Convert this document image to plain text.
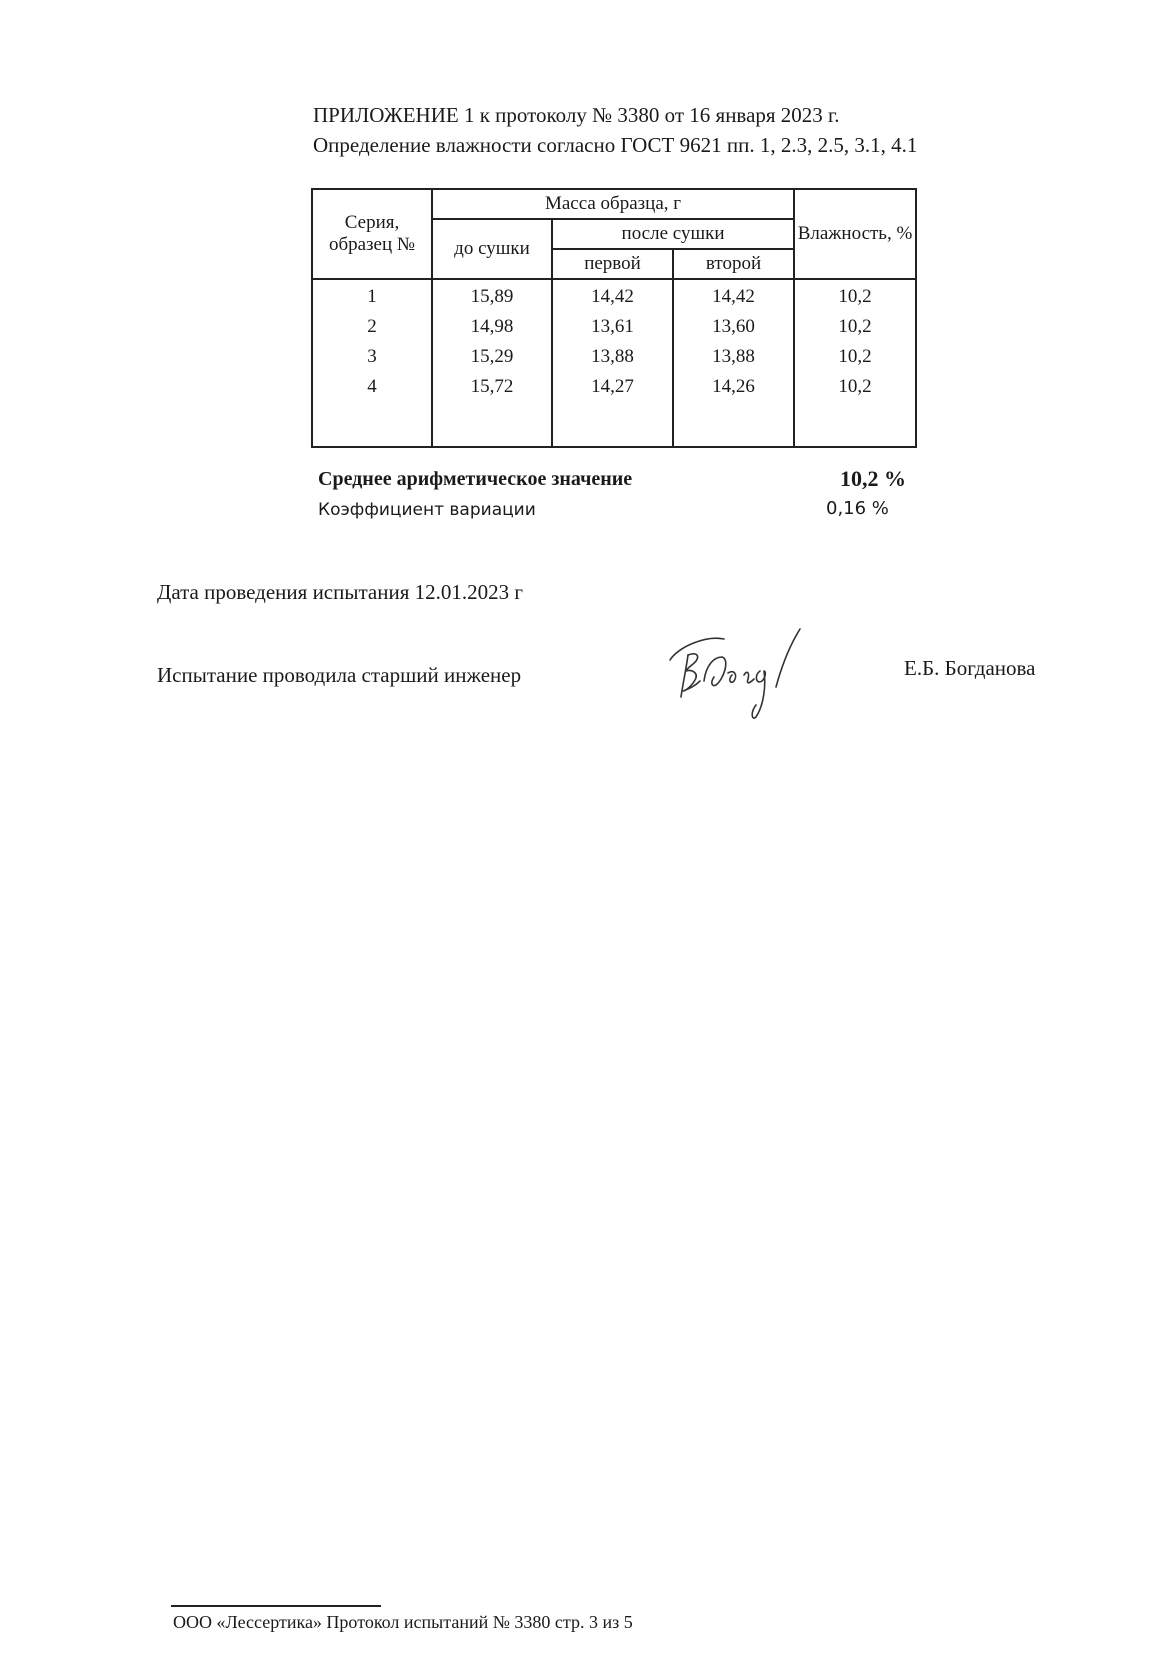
ПРИЛОЖЕНИЕ 1 к протоколу № 3380 от 16 января 2023 г.
Определение влажности согласно ГОСТ 9621 пп. 1, 2.3, 2.5, 3.1, 4.1
Серия, образец №	Масса образца, г			Влажность, %
	до сушки	после сушки		
		первой	второй	
1	15,89	14,42	14,42	10,2
2	14,98	13,61	13,60	10,2
3	15,29	13,88	13,88	10,2
4	15,72	14,27	14,26	10,2

Среднее арифметическое значение	10,2 %
Коэффициент вариации	0,16 %
Дата проведения испытания 12.01.2023 г
Испытание проводила старший инженер	Е.Б. Богданова
ООО «Лессертика» Протокол испытаний № 3380 стр. 3 из 5
